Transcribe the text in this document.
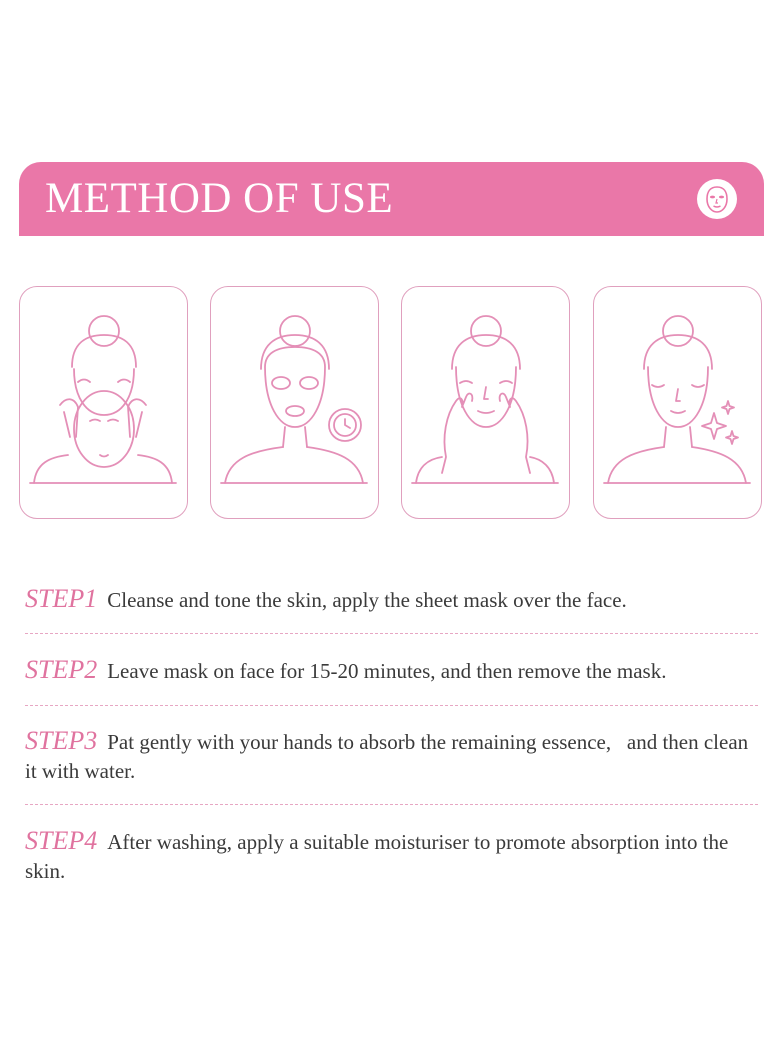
METHOD OF USE
STEP1 Cleanse and tone the skin, apply the sheet mask over the face.
STEP2 Leave mask on face for 15-20 minutes, and then remove the mask.
STEP3 Pat gently with your hands to absorb the remaining essence,   and then clean it with water.
STEP4 After washing, apply a suitable moisturiser to promote absorption into the skin.
